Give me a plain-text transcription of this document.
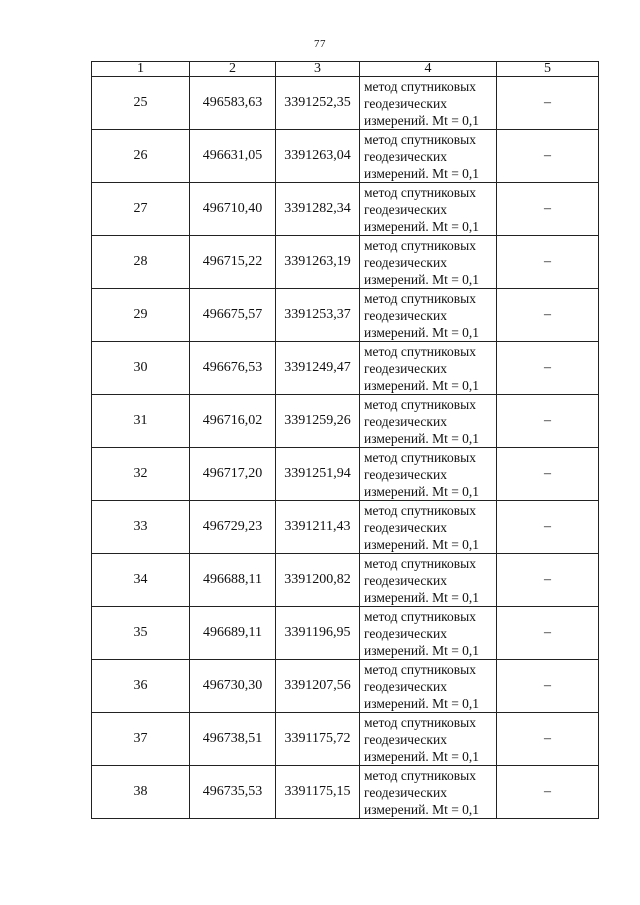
77
1	2	3	4	5
25	496583,63	3391252,35	метод спутниковых
геодезических
измерений. Mt = 0,1	–
26	496631,05	3391263,04	метод спутниковых
геодезических
измерений. Mt = 0,1	–
27	496710,40	3391282,34	метод спутниковых
геодезических
измерений. Mt = 0,1	–
28	496715,22	3391263,19	метод спутниковых
геодезических
измерений. Mt = 0,1	–
29	496675,57	3391253,37	метод спутниковых
геодезических
измерений. Mt = 0,1	–
30	496676,53	3391249,47	метод спутниковых
геодезических
измерений. Mt = 0,1	–
31	496716,02	3391259,26	метод спутниковых
геодезических
измерений. Mt = 0,1	–
32	496717,20	3391251,94	метод спутниковых
геодезических
измерений. Mt = 0,1	–
33	496729,23	3391211,43	метод спутниковых
геодезических
измерений. Mt = 0,1	–
34	496688,11	3391200,82	метод спутниковых
геодезических
измерений. Mt = 0,1	–
35	496689,11	3391196,95	метод спутниковых
геодезических
измерений. Mt = 0,1	–
36	496730,30	3391207,56	метод спутниковых
геодезических
измерений. Mt = 0,1	–
37	496738,51	3391175,72	метод спутниковых
геодезических
измерений. Mt = 0,1	–
38	496735,53	3391175,15	метод спутниковых
геодезических
измерений. Mt = 0,1	–
